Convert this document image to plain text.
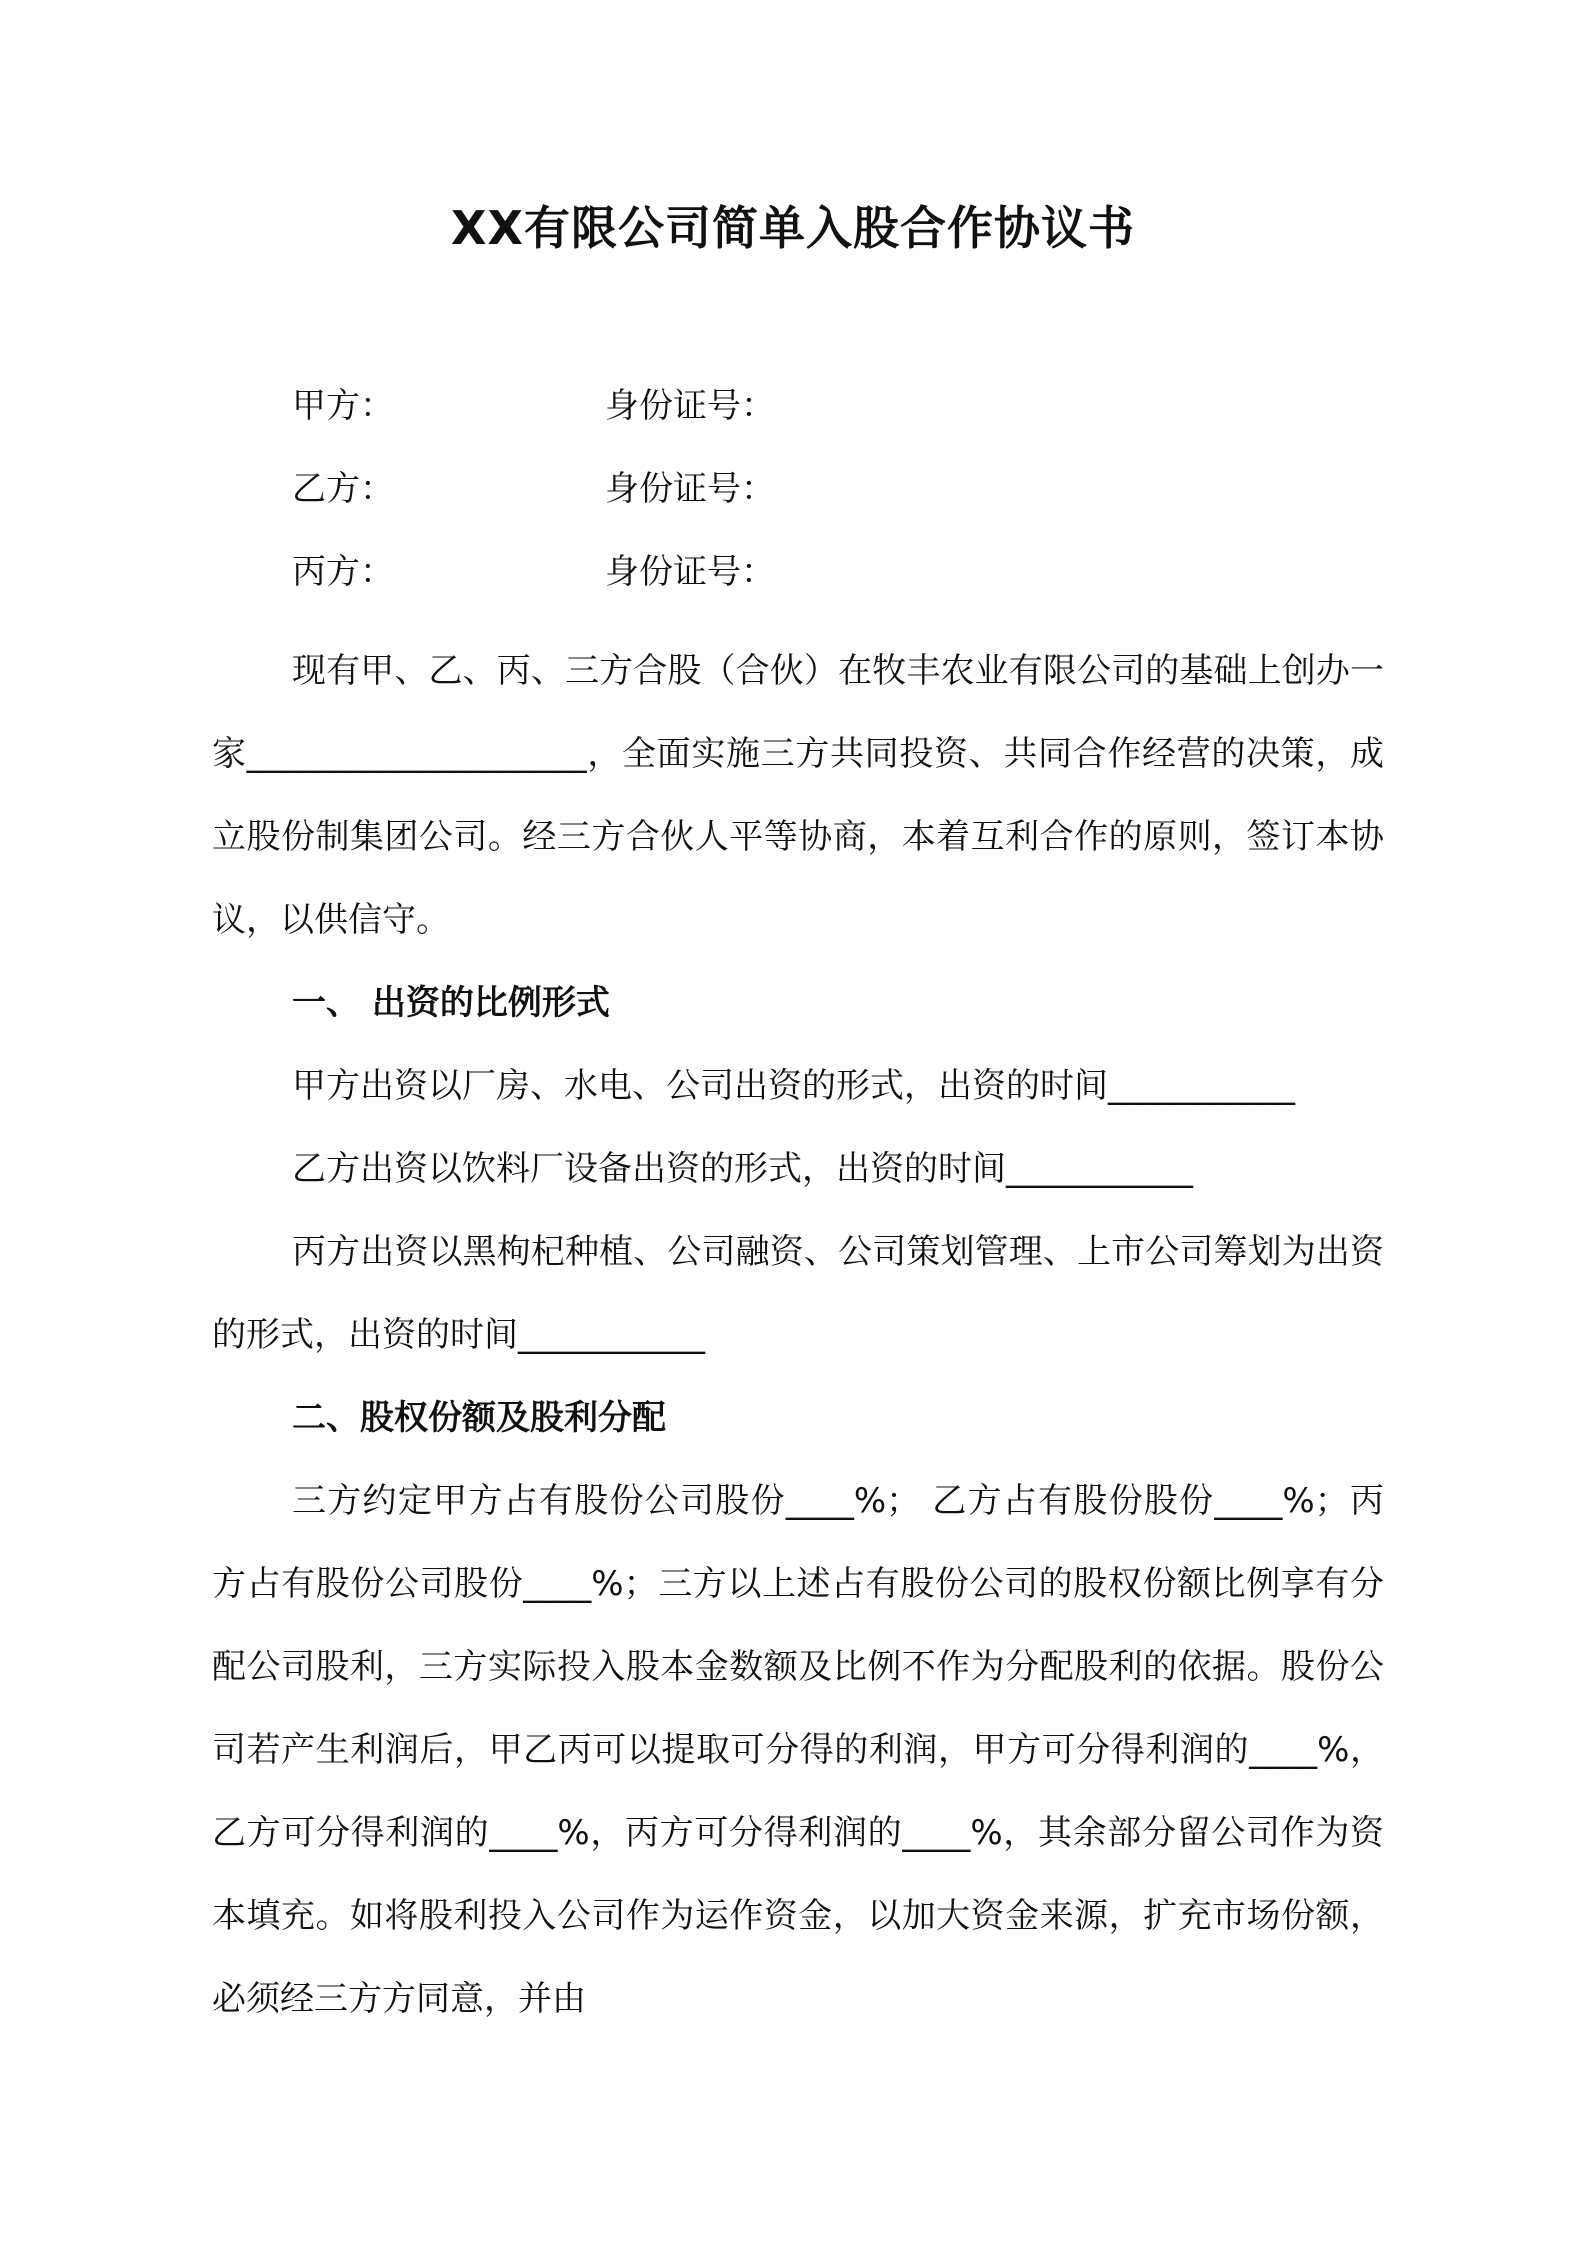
XX有限公司简单入股合作协议书
甲方：	身份证号：
乙方：	身份证号：
丙方：	身份证号：

现有甲、乙、丙、三方合股（合伙）在牧丰农业有限公司的基础上创办一家____________________，全面实施三方共同投资、共同合作经营的决策，成立股份制集团公司。经三方合伙人平等协商，本着互利合作的原则，签订本协议，以供信守。

一、 出资的比例形式

甲方出资以厂房、水电、公司出资的形式，出资的时间___________

乙方出资以饮料厂设备出资的形式，出资的时间___________

丙方出资以黑枸杞种植、公司融资、公司策划管理、上市公司筹划为出资的形式，出资的时间___________

二、股权份额及股利分配

三方约定甲方占有股份公司股份____%； 乙方占有股份股份____%；丙方占有股份公司股份____%；三方以上述占有股份公司的股权份额比例享有分配公司股利，三方实际投入股本金数额及比例不作为分配股利的依据。股份公司若产生利润后，甲乙丙可以提取可分得的利润，甲方可分得利润的____%，乙方可分得利润的____%，丙方可分得利润的____%，其余部分留公司作为资本填充。如将股利投入公司作为运作资金，以加大资金来源，扩充市场份额，必须经三方方同意，并由
